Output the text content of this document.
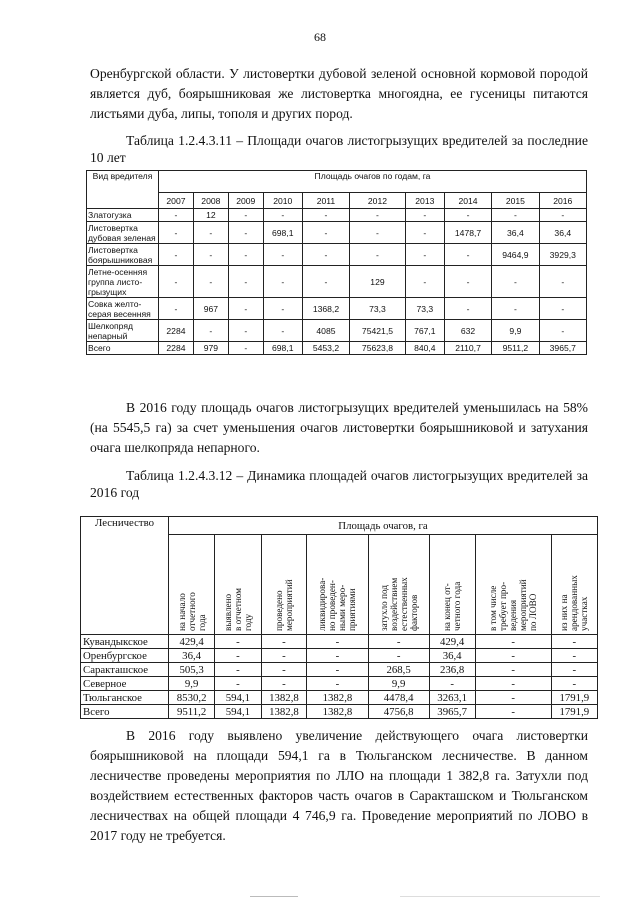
68

Оренбургской области. У листовертки дубовой зеленой основной кормовой породой является дуб, боярышниковая же листовертка многоядна, ее гусеницы питаются листьями дуба, липы, тополя и других пород.

Таблица 1.2.4.3.11 – Площади очагов листогрызущих вредителей за последние 10 лет

Вид вредителя	Площадь очагов по годам, га									
	2007	2008	2009	2010	2011	2012	2013	2014	2015	2016
Златогузка	-	12	-	-	-	-	-	-	-	-
Листовертка дубовая зеленая	-	-	-	698,1	-	-	-	1478,7	36,4	36,4
Листовертка боярышниковая	-	-	-	-	-	-	-	-	9464,9	3929,3
Летне-осенняя группа листо-грызущих	-	-	-	-	-	129	-	-	-	-
Совка желто-серая весенняя	-	967	-	-	1368,2	73,3	73,3	-	-	-
Шелкопряд непарный	2284	-	-	-	4085	75421,5	767,1	632	9,9	-
Всего	2284	979	-	698,1	5453,2	75623,8	840,4	2110,7	9511,2	3965,7

В 2016 году площадь очагов листогрызущих вредителей уменьшилась на 58% (на 5545,5 га) за счет уменьшения очагов листовертки боярышниковой и затухания очага шелкопряда непарного.

Таблица 1.2.4.3.12 – Динамика площадей очагов листогрызущих вредителей за 2016 год

Лесничество	Площадь очагов, га							

	на начало
отчетного
года	выявлено
в отчетном
году	проведено
мероприятий	ликвидирова-
но проведен-
ными меро-
приятиями	затухло под
воздействием
естественных
факторов	на конец от-
четного года	в том числе
требует про-
ведения
мероприятий
по ЛОВО	из них на
арендованных
участках

Кувандыкское	429,4	-	-	-	-	429,4	-	-
Оренбургское	36,4	-	-	-	-	36,4	-	-
Саракташское	505,3	-	-	-	268,5	236,8	-	-
Северное	9,9	-	-	-	9,9	-	-	-
Тюльганское	8530,2	594,1	1382,8	1382,8	4478,4	3263,1	-	1791,9
Всего	9511,2	594,1	1382,8	1382,8	4756,8	3965,7	-	1791,9

В 2016 году выявлено увеличение действующего очага листовертки боярышниковой на площади 594,1 га в Тюльганском лесничестве. В данном лесничестве проведены мероприятия по ЛЛО на площади 1 382,8 га. Затухли под воздействием естественных факторов часть очагов в Саракташском и Тюльганском лесничествах на общей площади 4 746,9 га. Проведение мероприятий по ЛОВО в 2017 году не требуется.
